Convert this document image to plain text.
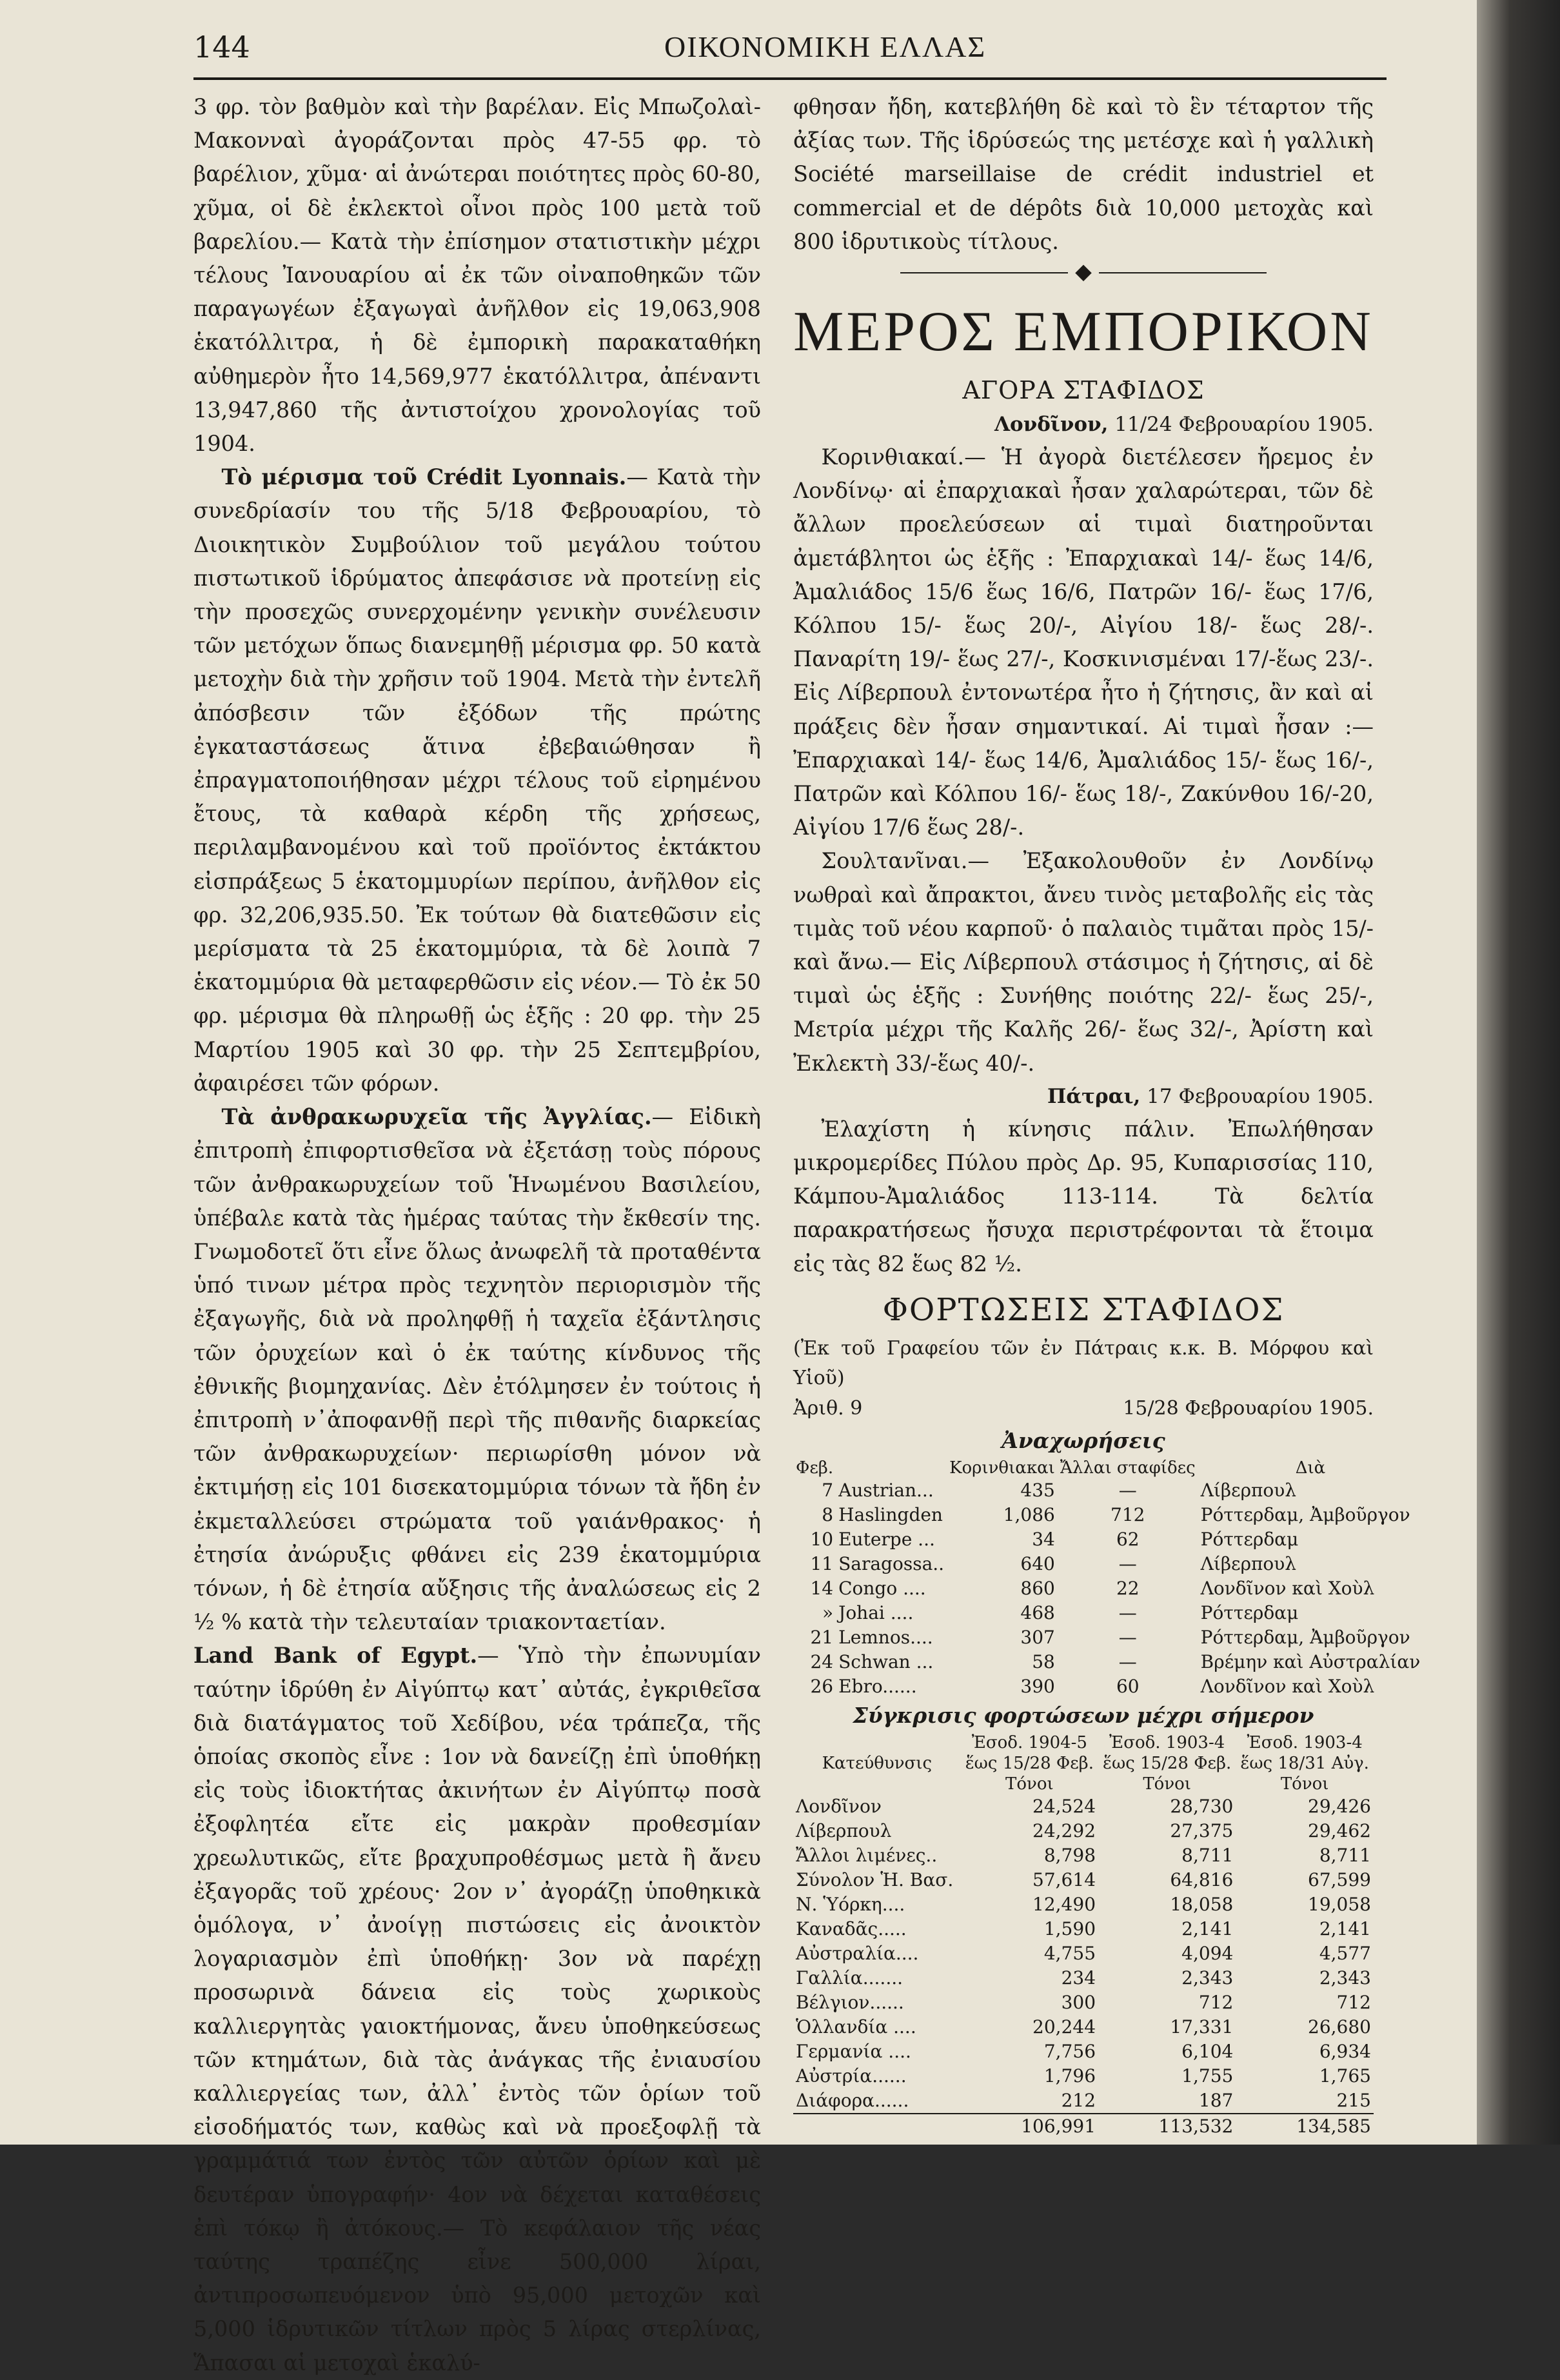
144	ΟΙΚΟΝΟΜΙΚΗ ΕΛΛΑΣ

3 φρ. τὸν βαθμὸν καὶ τὴν βαρέλαν. Εἰς Μπωζολαὶ-Μακονναὶ ἀγοράζονται πρὸς 47-55 φρ. τὸ βαρέλιον, χῦμα· αἱ ἀνώτεραι ποιότητες πρὸς 60-80, χῦμα, οἱ δὲ ἐκλεκτοὶ οἶνοι πρὸς 100 μετὰ τοῦ βαρελίου.— Κατὰ τὴν ἐπίσημον στατιστικὴν μέχρι τέλους Ἰανουαρίου αἱ ἐκ τῶν οἰναποθηκῶν τῶν παραγωγέων ἐξαγωγαὶ ἀνῆλθον εἰς 19,063,908 ἑκατόλλιτρα, ἡ δὲ ἐμπορικὴ παρακαταθήκη αὐθημερὸν ἦτο 14,569,977 ἑκατόλλιτρα, ἀπέναντι 13,947,860 τῆς ἀντιστοίχου χρονολογίας τοῦ 1904.

Τὸ μέρισμα τοῦ Crédit Lyonnais.— Κατὰ τὴν συνεδρίασίν του τῆς 5/18 Φεβρουαρίου, τὸ Διοικητικὸν Συμβούλιον τοῦ μεγάλου τούτου πιστωτικοῦ ἱδρύματος ἀπεφάσισε νὰ προτείνῃ εἰς τὴν προσεχῶς συνερχομένην γενικὴν συνέλευσιν τῶν μετόχων ὅπως διανεμηθῇ μέρισμα φρ. 50 κατὰ μετοχὴν διὰ τὴν χρῆσιν τοῦ 1904. Μετὰ τὴν ἐντελῆ ἀπόσβεσιν τῶν ἐξόδων τῆς πρώτης ἐγκαταστάσεως ἅτινα ἐβεβαιώθησαν ἢ ἐπραγματοποιήθησαν μέχρι τέλους τοῦ εἰρημένου ἔτους, τὰ καθαρὰ κέρδη τῆς χρήσεως, περιλαμβανομένου καὶ τοῦ προϊόντος ἐκτάκτου εἰσπράξεως 5 ἑκατομμυρίων περίπου, ἀνῆλθον εἰς φρ. 32,206,935.50. Ἐκ τούτων θὰ διατεθῶσιν εἰς μερίσματα τὰ 25 ἑκατομμύρια, τὰ δὲ λοιπὰ 7 ἑκατομμύρια θὰ μεταφερθῶσιν εἰς νέον.— Τὸ ἐκ 50 φρ. μέρισμα θὰ πληρωθῇ ὡς ἑξῆς : 20 φρ. τὴν 25 Μαρτίου 1905 καὶ 30 φρ. τὴν 25 Σεπτεμβρίου, ἀφαιρέσει τῶν φόρων.

Τὰ ἀνθρακωρυχεῖα τῆς Ἀγγλίας.— Εἰδικὴ ἐπιτροπὴ ἐπιφορτισθεῖσα νὰ ἐξετάσῃ τοὺς πόρους τῶν ἀνθρακωρυχείων τοῦ Ἡνωμένου Βασιλείου, ὑπέβαλε κατὰ τὰς ἡμέρας ταύτας τὴν ἔκθεσίν της. Γνωμοδοτεῖ ὅτι εἶνε ὅλως ἀνωφελῆ τὰ προταθέντα ὑπό τινων μέτρα πρὸς τεχνητὸν περιορισμὸν τῆς ἐξαγωγῆς, διὰ νὰ προληφθῇ ἡ ταχεῖα ἐξάντλησις τῶν ὀρυχείων καὶ ὁ ἐκ ταύτης κίνδυνος τῆς ἐθνικῆς βιομηχανίας. Δὲν ἐτόλμησεν ἐν τούτοις ἡ ἐπιτροπὴ ν᾽ἀποφανθῇ περὶ τῆς πιθανῆς διαρκείας τῶν ἀνθρακωρυχείων· περιωρίσθη μόνον νὰ ἐκτιμήσῃ εἰς 101 δισεκατομμύρια τόνων τὰ ἤδη ἐν ἐκμεταλλεύσει στρώματα τοῦ γαιάνθρακος· ἡ ἐτησία ἀνώρυξις φθάνει εἰς 239 ἑκατομμύρια τόνων, ἡ δὲ ἐτησία αὔξησις τῆς ἀναλώσεως εἰς 2 ½ % κατὰ τὴν τελευταίαν τριακονταετίαν.

Land Bank of Egypt.— Ὑπὸ τὴν ἐπωνυμίαν ταύτην ἱδρύθη ἐν Αἰγύπτῳ κατ᾽ αὐτάς, ἐγκριθεῖσα διὰ διατάγματος τοῦ Χεδίβου, νέα τράπεζα, τῆς ὁποίας σκοπὸς εἶνε : 1ον νὰ δανείζῃ ἐπὶ ὑποθήκῃ εἰς τοὺς ἰδιοκτήτας ἀκινήτων ἐν Αἰγύπτῳ ποσὰ ἐξοφλητέα εἴτε εἰς μακρὰν προθεσμίαν χρεωλυτικῶς, εἴτε βραχυπροθέσμως μετὰ ἢ ἄνευ ἐξαγορᾶς τοῦ χρέους· 2ον ν᾽ ἀγοράζῃ ὑποθηκικὰ ὁμόλογα, ν᾽ ἀνοίγῃ πιστώσεις εἰς ἀνοικτὸν λογαριασμὸν ἐπὶ ὑποθήκῃ· 3ον νὰ παρέχῃ προσωρινὰ δάνεια εἰς τοὺς χωρικοὺς καλλιεργητὰς γαιοκτήμονας, ἄνευ ὑποθηκεύσεως τῶν κτημάτων, διὰ τὰς ἀνάγκας τῆς ἐνιαυσίου καλλιεργείας των, ἀλλ᾽ ἐντὸς τῶν ὁρίων τοῦ εἰσοδήματός των, καθὼς καὶ νὰ προεξοφλῇ τὰ γραμμάτιά των ἐντὸς τῶν αὐτῶν ὁρίων καὶ μὲ δευτέραν ὑπογραφήν· 4ον νὰ δέχεται καταθέσεις ἐπὶ τόκῳ ἢ ἀτόκους.— Τὸ κεφάλαιον τῆς νέας ταύτης τραπέζης εἶνε 500,000 λίραι, ἀντιπροσωπευόμενον ὑπὸ 95,000 μετοχῶν καὶ 5,000 ἱδρυτικῶν τίτλων πρὸς 5 λίρας στερλίνας, Ἅπασαι αἱ μετοχαὶ ἑκαλύ-

φθησαν ἤδη, κατεβλήθη δὲ καὶ τὸ ἓν τέταρτον τῆς ἀξίας των. Τῆς ἱδρύσεώς της μετέσχε καὶ ἡ γαλλικὴ Société marseillaise de crédit industriel et commercial et de dépôts διὰ 10,000 μετοχὰς καὶ 800 ἱδρυτικοὺς τίτλους.

◆
ΜΕΡΟΣ ΕΜΠΟΡΙΚΟΝ
ΑΓΟΡΑ ΣΤΑΦΙΔΟΣ
Λονδῖνον, 11/24 Φεβρουαρίου 1905.

Κορινθιακαί.— Ἡ ἀγορὰ διετέλεσεν ἤρεμος ἐν Λονδίνῳ· αἱ ἐπαρχιακαὶ ἦσαν χαλαρώτεραι, τῶν δὲ ἄλλων προελεύσεων αἱ τιμαὶ διατηροῦνται ἀμετάβλητοι ὡς ἑξῆς : Ἐπαρχιακαὶ 14/- ἕως 14/6, Ἀμαλιάδος 15/6 ἕως 16/6, Πατρῶν 16/- ἕως 17/6, Κόλπου 15/- ἕως 20/-, Αἰγίου 18/- ἕως 28/-. Παναρίτη 19/- ἕως 27/-, Κοσκινισμέναι 17/-ἕως 23/-. Εἰς Λίβερπουλ ἐντονωτέρα ἦτο ἡ ζήτησις, ἂν καὶ αἱ πράξεις δὲν ἦσαν σημαντικαί. Αἱ τιμαὶ ἦσαν :— Ἐπαρχιακαὶ 14/- ἕως 14/6, Ἀμαλιάδος 15/- ἕως 16/-, Πατρῶν καὶ Κόλπου 16/- ἕως 18/-, Ζακύνθου 16/-20, Αἰγίου 17/6 ἕως 28/-.

Σουλτανῖναι.— Ἐξακολουθοῦν ἐν Λονδίνῳ νωθραὶ καὶ ἄπρακτοι, ἄνευ τινὸς μεταβολῆς εἰς τὰς τιμὰς τοῦ νέου καρποῦ· ὁ παλαιὸς τιμᾶται πρὸς 15/- καὶ ἄνω.— Εἰς Λίβερπουλ στάσιμος ἡ ζήτησις, αἱ δὲ τιμαὶ ὡς ἑξῆς : Συνήθης ποιότης 22/- ἕως 25/-, Μετρία μέχρι τῆς Καλῆς 26/- ἕως 32/-, Ἀρίστη καὶ Ἐκλεκτὴ 33/-ἕως 40/-.

Πάτραι, 17 Φεβρουαρίου 1905.

Ἐλαχίστη ἡ κίνησις πάλιν. Ἐπωλήθησαν μικρομερίδες Πύλου πρὸς Δρ. 95, Κυπαρισσίας 110, Κάμπου-Ἀμαλιάδος 113-114. Τὰ δελτία παρακρατήσεως ἤσυχα περιστρέφονται τὰ ἕτοιμα εἰς τὰς 82 ἕως 82 ½.

ΦΟΡΤΩΣΕΙΣ ΣΤΑΦΙΔΟΣ
(Ἐκ τοῦ Γραφείου τῶν ἐν Πάτραις κ.κ. Β. Μόρφου καὶ Υἱοῦ)
Ἀριθ. 9	15/28 Φεβρουαρίου 1905.
Ἀναχωρήσεις
Φεβ.		Κορινθιακαι	Ἄλλαι σταφίδες	Διὰ
7	Austrian...	435	—	Λίβερπουλ
8	Haslingden	1,086	712	Ρόττερδαμ, Ἀμβοῦργον
10	Euterpe ...	34	62	Ρόττερδαμ
11	Saragossa..	640	—	Λίβερπουλ
14	Congo ....	860	22	Λονδῖνον καὶ Χοὺλ
»	Johai ....	468	—	Ρόττερδαμ
21	Lemnos....	307	—	Ρόττερδαμ, Ἀμβοῦργον
24	Schwan ...	58	—	Βρέμην καὶ Αὐστραλίαν
26	Ebro......	390	60	Λονδῖνον καὶ Χοὺλ
Σύγκρισις φορτώσεων μέχρι σήμερον
	Ἐσοδ. 1904-5	Ἐσοδ. 1903-4	Ἐσοδ. 1903-4
Κατεύθυνσις	ἕως 15/28 Φεβ.	ἕως 15/28 Φεβ.	ἕως 18/31 Αὐγ.
	Τόνοι	Τόνοι	Τόνοι
Λονδῖνον	24,524	28,730	29,426
Λίβερπουλ	24,292	27,375	29,462
Ἄλλοι λιμένες..	8,798	8,711	8,711
Σύνολον Ἡ. Βασ.	57,614	64,816	67,599
Ν. Ὑόρκη....	12,490	18,058	19,058
Καναδᾶς.....	1,590	2,141	2,141
Αὐστραλία....	4,755	4,094	4,577
Γαλλία.......	234	2,343	2,343
Βέλγιον......	300	712	712
Ὁλλανδία ....	20,244	17,331	26,680
Γερμανία ....	7,756	6,104	6,934
Αὐστρία......	1,796	1,755	1,765
Διάφορα......	212	187	215
	106,991	113,532	134,585
